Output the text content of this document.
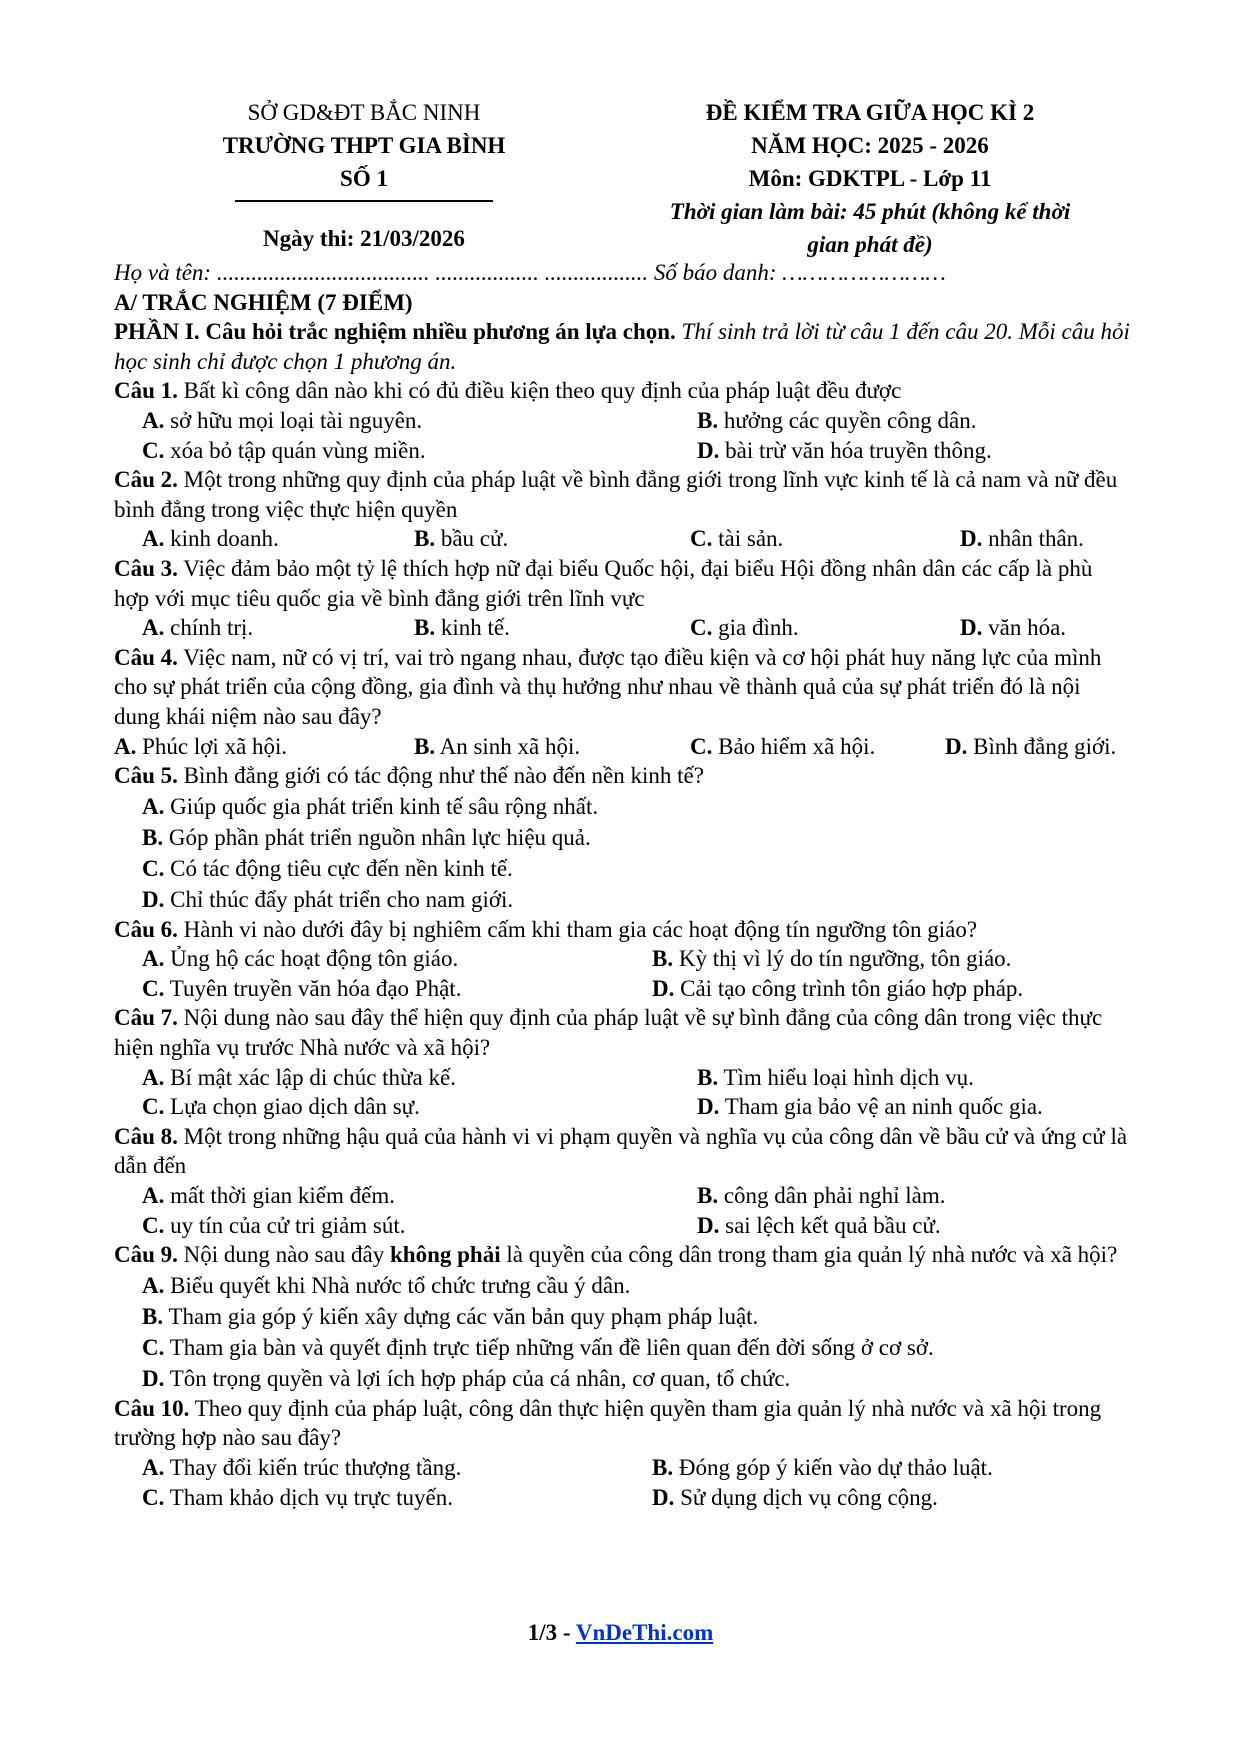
SỞ GD&ĐT BẮC NINH
TRƯỜNG THPT GIA BÌNH SỐ 1
Ngày thi: 21/03/2026
ĐỀ KIỂM TRA GIỮA HỌC KÌ 2
NĂM HỌC: 2025 - 2026
Môn: GDKTPL - Lớp 11
Thời gian làm bài: 45 phút (không kể thời
gian phát đề)
Họ và tên: ..................................... .................. .................. Số báo danh: ……………………
A/ TRẮC NGHIỆM (7 ĐIỂM)
PHẦN I. Câu hỏi trắc nghiệm nhiều phương án lựa chọn. Thí sinh trả lời từ câu 1 đến câu 20. Mỗi câu hỏi học sinh chỉ được chọn 1 phương án.
Câu 1. Bất kì công dân nào khi có đủ điều kiện theo quy định của pháp luật đều được
A. sở hữu mọi loại tài nguyên.	B. hưởng các quyền công dân.
C. xóa bỏ tập quán vùng miền.	D. bài trừ văn hóa truyền thông.
Câu 2. Một trong những quy định của pháp luật về bình đẳng giới trong lĩnh vực kinh tế là cả nam và nữ đều bình đẳng trong việc thực hiện quyền
A. kinh doanh.	B. bầu cử.	C. tài sản.	D. nhân thân.
Câu 3. Việc đảm bảo một tỷ lệ thích hợp nữ đại biểu Quốc hội, đại biểu Hội đồng nhân dân các cấp là phù hợp với mục tiêu quốc gia về bình đẳng giới trên lĩnh vực
A. chính trị.	B. kinh tế.	C. gia đình.	D. văn hóa.
Câu 4. Việc nam, nữ có vị trí, vai trò ngang nhau, được tạo điều kiện và cơ hội phát huy năng lực của mình cho sự phát triển của cộng đồng, gia đình và thụ hưởng như nhau về thành quả của sự phát triển đó là nội dung khái niệm nào sau đây?
A. Phúc lợi xã hội.	B. An sinh xã hội.	C. Bảo hiểm xã hội.	D. Bình đẳng giới.
Câu 5. Bình đẳng giới có tác động như thế nào đến nền kinh tế?
A. Giúp quốc gia phát triển kinh tế sâu rộng nhất.
B. Góp phần phát triển nguồn nhân lực hiệu quả.
C. Có tác động tiêu cực đến nền kinh tế.
D. Chỉ thúc đẩy phát triển cho nam giới.
Câu 6. Hành vi nào dưới đây bị nghiêm cấm khi tham gia các hoạt động tín ngưỡng tôn giáo?
A. Ủng hộ các hoạt động tôn giáo.	B. Kỳ thị vì lý do tín ngưỡng, tôn giáo.
C. Tuyên truyền văn hóa đạo Phật.	D. Cải tạo công trình tôn giáo hợp pháp.
Câu 7. Nội dung nào sau đây thể hiện quy định của pháp luật về sự bình đẳng của công dân trong việc thực hiện nghĩa vụ trước Nhà nước và xã hội?
A. Bí mật xác lập di chúc thừa kế.	B. Tìm hiểu loại hình dịch vụ.
C. Lựa chọn giao dịch dân sự.	D. Tham gia bảo vệ an ninh quốc gia.
Câu 8. Một trong những hậu quả của hành vi vi phạm quyền và nghĩa vụ của công dân về bầu cử và ứng cử là dẫn đến
A. mất thời gian kiểm đếm.	B. công dân phải nghỉ làm.
C. uy tín của cử tri giảm sút.	D. sai lệch kết quả bầu cử.
Câu 9. Nội dung nào sau đây không phải là quyền của công dân trong tham gia quản lý nhà nước và xã hội?
A. Biểu quyết khi Nhà nước tổ chức trưng cầu ý dân.
B. Tham gia góp ý kiến xây dựng các văn bản quy phạm pháp luật.
C. Tham gia bàn và quyết định trực tiếp những vấn đề liên quan đến đời sống ở cơ sở.
D. Tôn trọng quyền và lợi ích hợp pháp của cá nhân, cơ quan, tổ chức.
Câu 10. Theo quy định của pháp luật, công dân thực hiện quyền tham gia quản lý nhà nước và xã hội trong trường hợp nào sau đây?
A. Thay đổi kiến trúc thượng tầng.	B. Đóng góp ý kiến vào dự thảo luật.
C. Tham khảo dịch vụ trực tuyến.	D. Sử dụng dịch vụ công cộng.
1/3 - VnDeThi.com
